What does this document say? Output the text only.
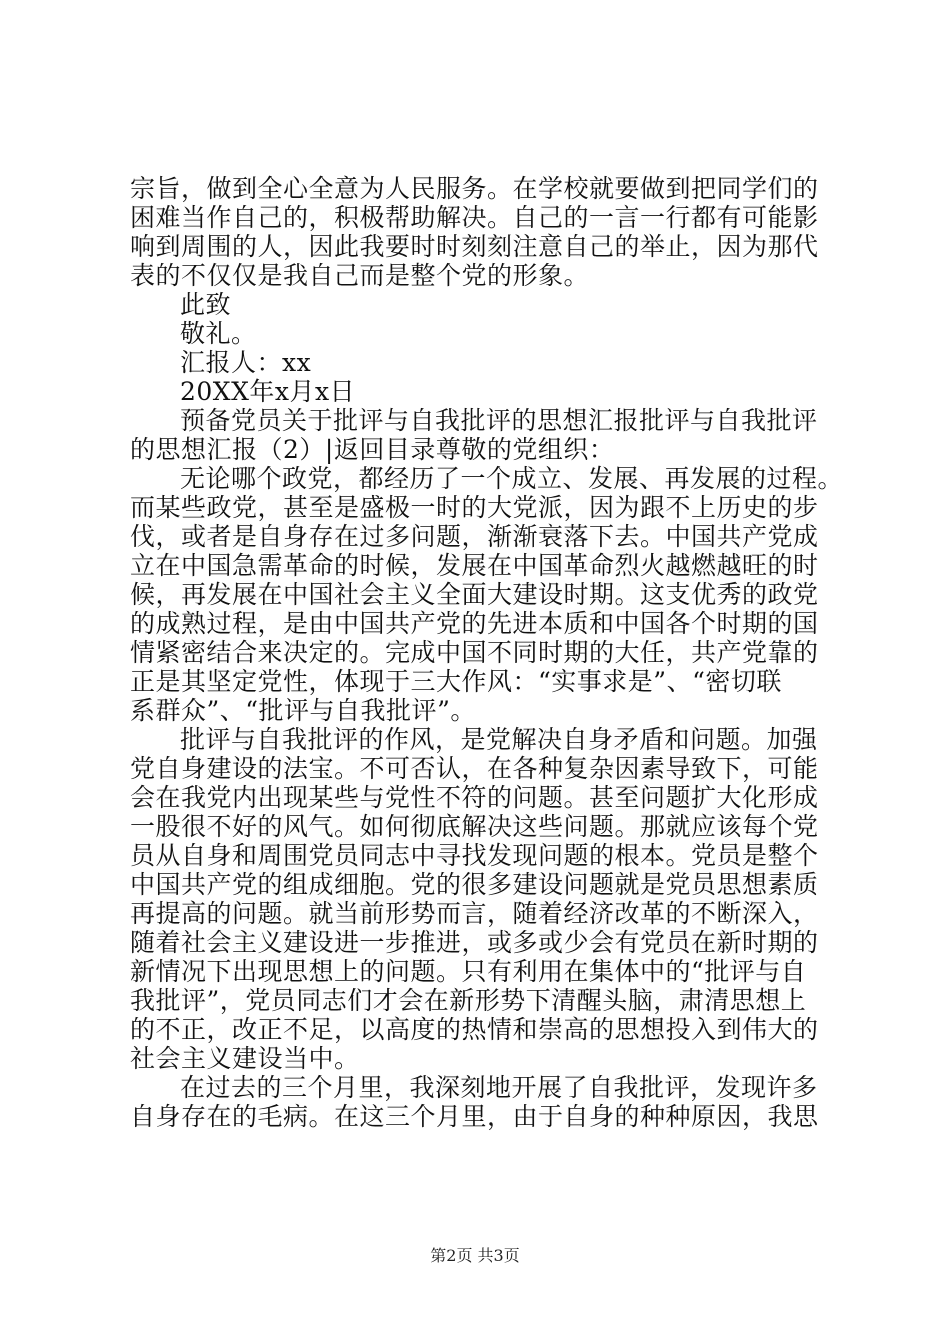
宗旨，做到全心全意为人民服务。在学校就要做到把同学们的
困难当作自己的，积极帮助解决。自己的一言一行都有可能影
响到周围的人，因此我要时时刻刻注意自己的举止，因为那代
表的不仅仅是我自己而是整个党的形象。
此致
敬礼。
汇报人：xx
20XX年x月x日
预备党员关于批评与自我批评的思想汇报批评与自我批评
的思想汇报（2）|返回目录尊敬的党组织：
无论哪个政党，都经历了一个成立、发展、再发展的过程。
而某些政党，甚至是盛极一时的大党派，因为跟不上历史的步
伐，或者是自身存在过多问题，渐渐衰落下去。中国共产党成
立在中国急需革命的时候，发展在中国革命烈火越燃越旺的时
候，再发展在中国社会主义全面大建设时期。这支优秀的政党
的成熟过程，是由中国共产党的先进本质和中国各个时期的国
情紧密结合来决定的。完成中国不同时期的大任，共产党靠的
正是其坚定党性，体现于三大作风：“实事求是”、“密切联
系群众”、“批评与自我批评”。
批评与自我批评的作风，是党解决自身矛盾和问题。加强
党自身建设的法宝。不可否认，在各种复杂因素导致下，可能
会在我党内出现某些与党性不符的问题。甚至问题扩大化形成
一股很不好的风气。如何彻底解决这些问题。那就应该每个党
员从自身和周围党员同志中寻找发现问题的根本。党员是整个
中国共产党的组成细胞。党的很多建设问题就是党员思想素质
再提高的问题。就当前形势而言，随着经济改革的不断深入，
随着社会主义建设进一步推进，或多或少会有党员在新时期的
新情况下出现思想上的问题。只有利用在集体中的“批评与自
我批评”，党员同志们才会在新形势下清醒头脑，肃清思想上
的不正，改正不足，以高度的热情和崇高的思想投入到伟大的
社会主义建设当中。
在过去的三个月里，我深刻地开展了自我批评，发现许多
自身存在的毛病。在这三个月里，由于自身的种种原因，我思
第2页 共3页
